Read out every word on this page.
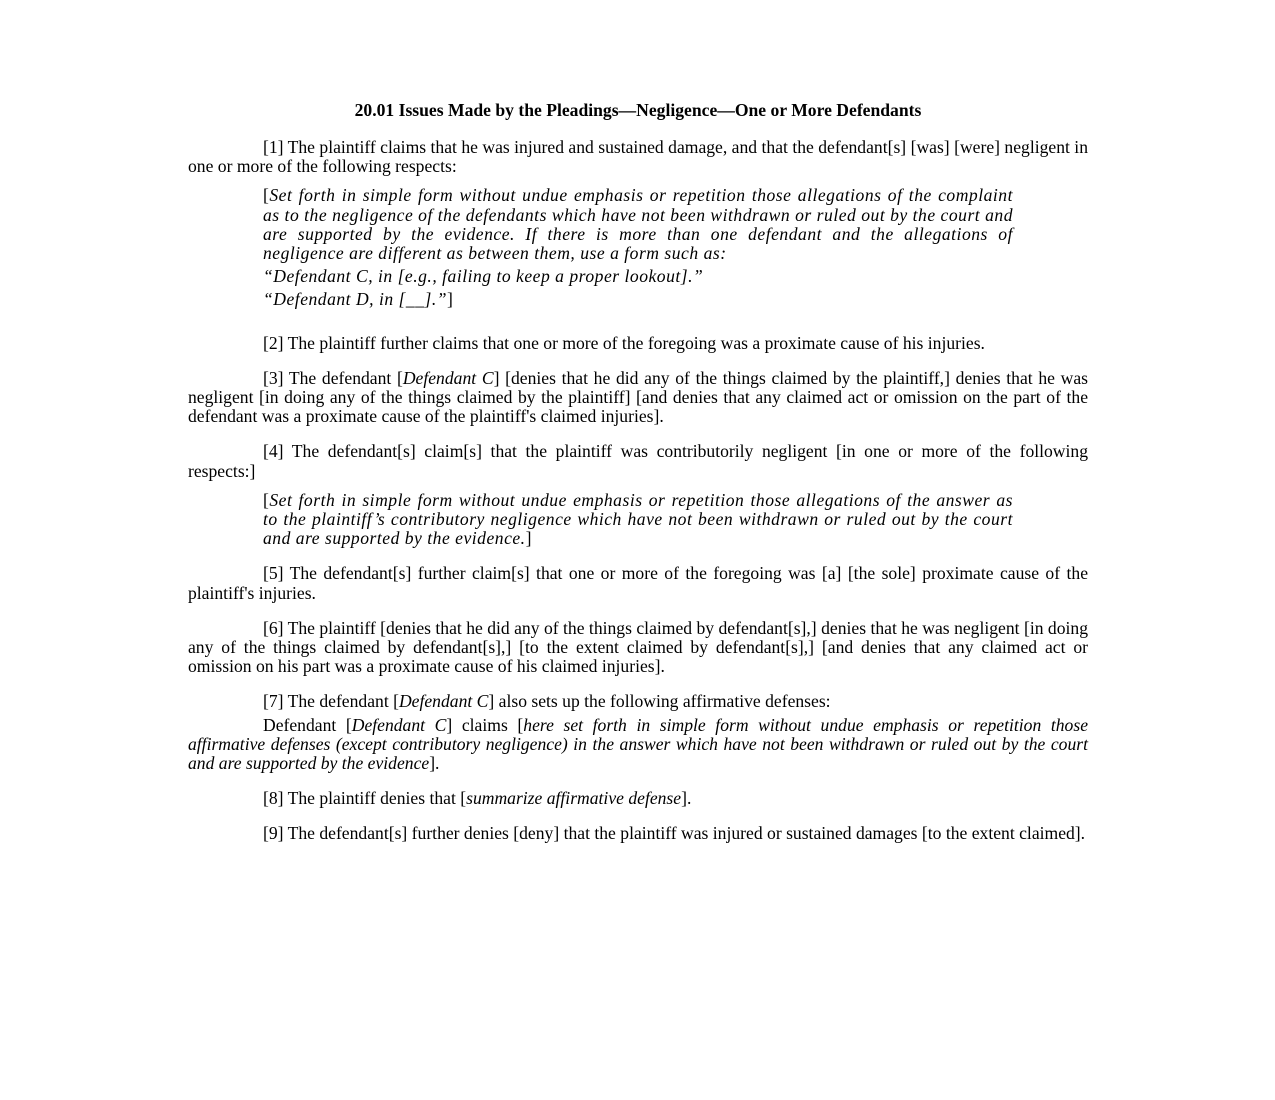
20.01 Issues Made by the Pleadings—Negligence—One or More Defendants

[1] The plaintiff claims that he was injured and sustained damage, and that the defendant[s] [was] [were] negligent in one or more of the following respects:

[Set forth in simple form without undue emphasis or repetition those allegations of the complaint as to the negligence of the defendants which have not been withdrawn or ruled out by the court and are supported by the evidence. If there is more than one defendant and the allegations of negligence are different as between them, use a form such as:

“Defendant C, in [e.g., failing to keep a proper lookout].”

“Defendant D, in [__].”]

[2] The plaintiff further claims that one or more of the foregoing was a proximate cause of his injuries.

[3] The defendant [Defendant C] [denies that he did any of the things claimed by the plaintiff,] denies that he was negligent [in doing any of the things claimed by the plaintiff] [and denies that any claimed act or omission on the part of the defendant was a proximate cause of the plaintiff's claimed injuries].

[4] The defendant[s] claim[s] that the plaintiff was contributorily negligent [in one or more of the following respects:]

[Set forth in simple form without undue emphasis or repetition those allegations of the answer as to the plaintiff’s contributory negligence which have not been withdrawn or ruled out by the court and are supported by the evidence.]

[5] The defendant[s] further claim[s] that one or more of the foregoing was [a] [the sole] proximate cause of the plaintiff's injuries.

[6] The plaintiff [denies that he did any of the things claimed by defendant[s],] denies that he was negligent [in doing any of the things claimed by defendant[s],] [to the extent claimed by defendant[s],] [and denies that any claimed act or omission on his part was a proximate cause of his claimed injuries].

[7] The defendant [Defendant C] also sets up the following affirmative defenses:

Defendant [Defendant C] claims [here set forth in simple form without undue emphasis or repetition those affirmative defenses (except contributory negligence) in the answer which have not been withdrawn or ruled out by the court and are supported by the evidence].

[8] The plaintiff denies that [summarize affirmative defense].

[9] The defendant[s] further denies [deny] that the plaintiff was injured or sustained damages [to the extent claimed].
